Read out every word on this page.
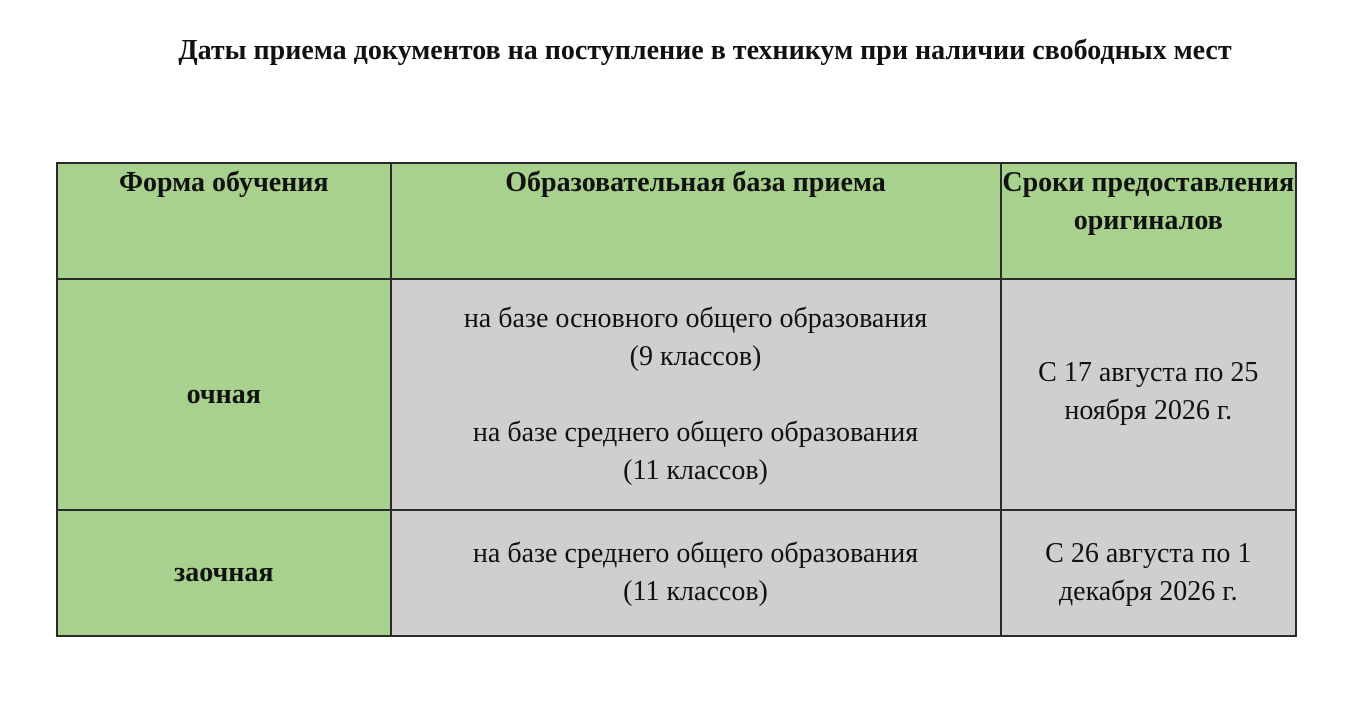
Даты приема документов на поступление в техникум при наличии свободных мест
Форма обучения	Образовательная база приема	Сроки предоставления оригиналов
очная	на базе основного общего образования
(9 классов)
на базе среднего общего образования
(11 классов)	С 17 августа по 25
ноября 2026 г.

заочная	на базе среднего общего образования
(11 классов)	С 26 августа по 1
декабря 2026 г.
